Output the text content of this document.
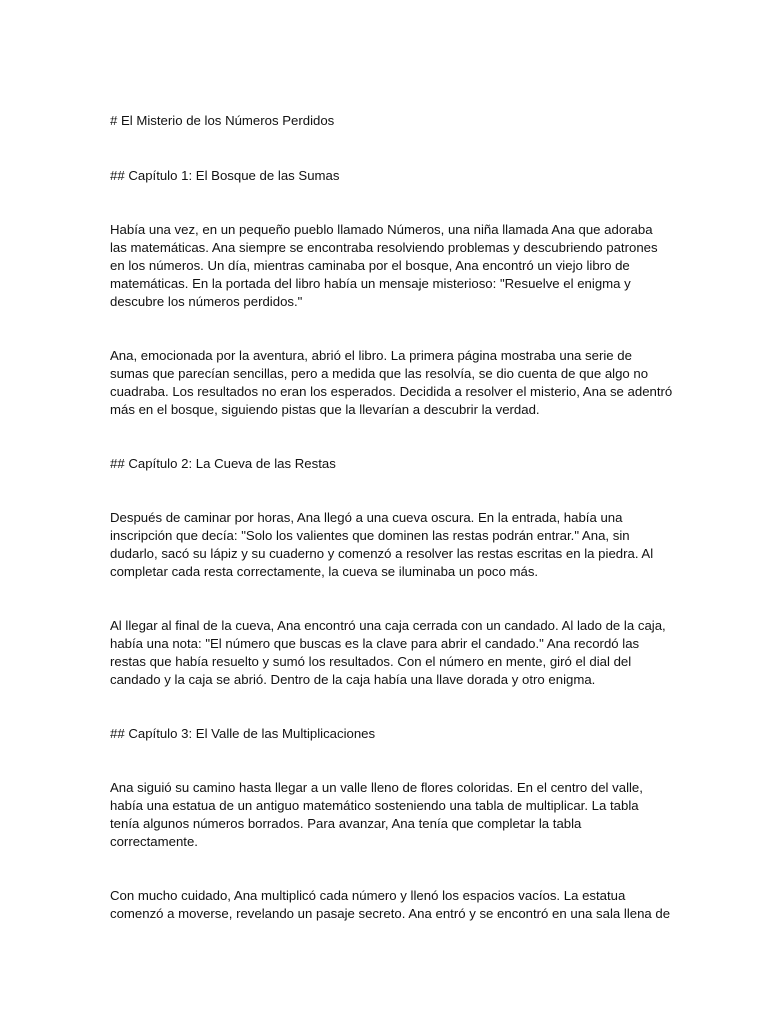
# El Misterio de los Números Perdidos

## Capítulo 1: El Bosque de las Sumas

Había una vez, en un pequeño pueblo llamado Números, una niña llamada Ana que adoraba

las matemáticas. Ana siempre se encontraba resolviendo problemas y descubriendo patrones

en los números. Un día, mientras caminaba por el bosque, Ana encontró un viejo libro de

matemáticas. En la portada del libro había un mensaje misterioso: "Resuelve el enigma y

descubre los números perdidos."

Ana, emocionada por la aventura, abrió el libro. La primera página mostraba una serie de

sumas que parecían sencillas, pero a medida que las resolvía, se dio cuenta de que algo no

cuadraba. Los resultados no eran los esperados. Decidida a resolver el misterio, Ana se adentró

más en el bosque, siguiendo pistas que la llevarían a descubrir la verdad.

## Capítulo 2: La Cueva de las Restas

Después de caminar por horas, Ana llegó a una cueva oscura. En la entrada, había una

inscripción que decía: "Solo los valientes que dominen las restas podrán entrar." Ana, sin

dudarlo, sacó su lápiz y su cuaderno y comenzó a resolver las restas escritas en la piedra. Al

completar cada resta correctamente, la cueva se iluminaba un poco más.

Al llegar al final de la cueva, Ana encontró una caja cerrada con un candado. Al lado de la caja,

había una nota: "El número que buscas es la clave para abrir el candado." Ana recordó las

restas que había resuelto y sumó los resultados. Con el número en mente, giró el dial del

candado y la caja se abrió. Dentro de la caja había una llave dorada y otro enigma.

## Capítulo 3: El Valle de las Multiplicaciones

Ana siguió su camino hasta llegar a un valle lleno de flores coloridas. En el centro del valle,

había una estatua de un antiguo matemático sosteniendo una tabla de multiplicar. La tabla

tenía algunos números borrados. Para avanzar, Ana tenía que completar la tabla

correctamente.

Con mucho cuidado, Ana multiplicó cada número y llenó los espacios vacíos. La estatua

comenzó a moverse, revelando un pasaje secreto. Ana entró y se encontró en una sala llena de
